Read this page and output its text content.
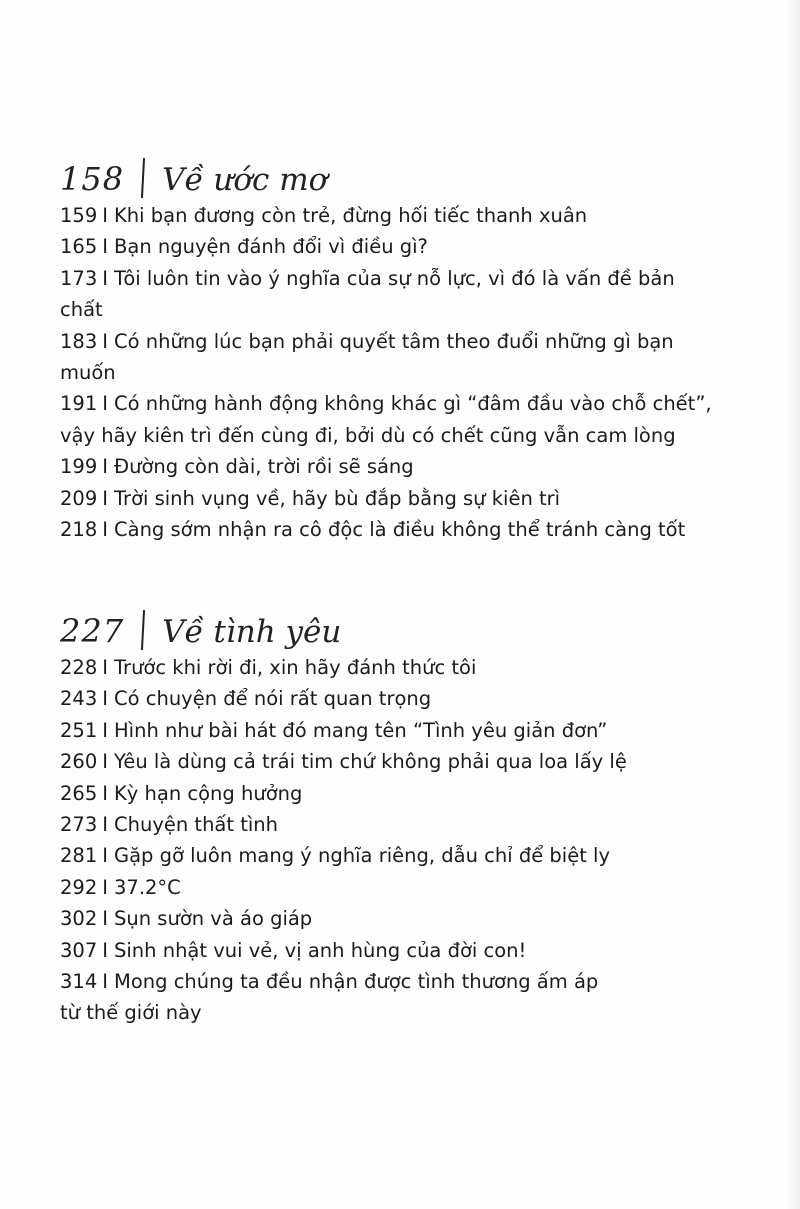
158 Về ước mơ

159 I Khi bạn đương còn trẻ, đừng hối tiếc thanh xuân

165 I Bạn nguyện đánh đổi vì điều gì?

173 I Tôi luôn tin vào ý nghĩa của sự nỗ lực, vì đó là vấn đề bản

chất

183 I Có những lúc bạn phải quyết tâm theo đuổi những gì bạn

muốn

191 I Có những hành động không khác gì “đâm đầu vào chỗ chết”,

vậy hãy kiên trì đến cùng đi, bởi dù có chết cũng vẫn cam lòng

199 I Đường còn dài, trời rồi sẽ sáng

209 I Trời sinh vụng về, hãy bù đắp bằng sự kiên trì

218 I Càng sớm nhận ra cô độc là điều không thể tránh càng tốt

227 Về tình yêu

228 I Trước khi rời đi, xin hãy đánh thức tôi

243 I Có chuyện để nói rất quan trọng

251 I Hình như bài hát đó mang tên “Tình yêu giản đơn”

260 I Yêu là dùng cả trái tim chứ không phải qua loa lấy lệ

265 I Kỳ hạn cộng hưởng

273 I Chuyện thất tình

281 I Gặp gỡ luôn mang ý nghĩa riêng, dẫu chỉ để biệt ly

292 I 37.2°C

302 I Sụn sườn và áo giáp

307 I Sinh nhật vui vẻ, vị anh hùng của đời con!

314 I Mong chúng ta đều nhận được tình thương ấm áp

từ thế giới này
